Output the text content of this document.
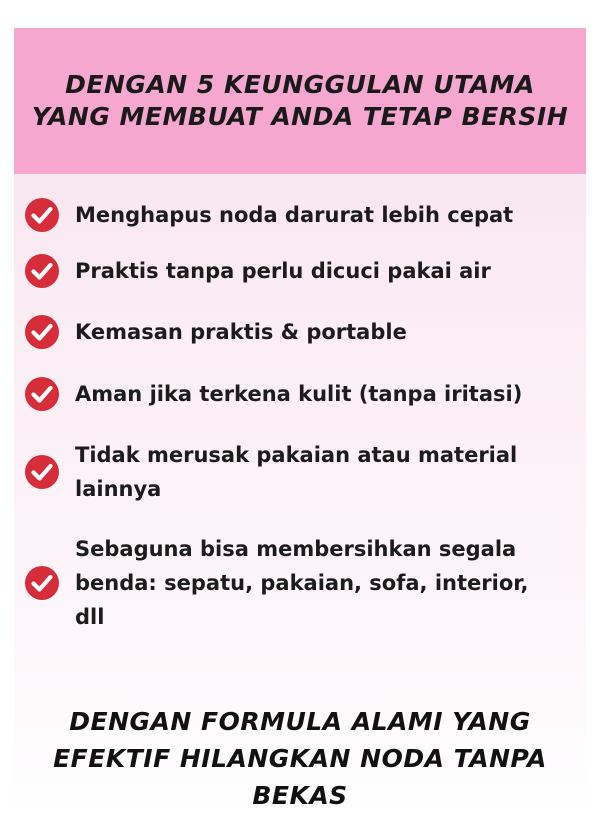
DENGAN 5 KEUNGGULAN UTAMA YANG MEMBUAT ANDA TETAP BERSIH
Menghapus noda darurat lebih cepat
Praktis tanpa perlu dicuci pakai air
Kemasan praktis & portable
Aman jika terkena kulit (tanpa iritasi)
Tidak merusak pakaian atau material lainnya
Sebaguna bisa membersihkan segala benda: sepatu, pakaian, sofa, interior, dll
DENGAN FORMULA ALAMI YANG EFEKTIF HILANGKAN NODA TANPA BEKAS
